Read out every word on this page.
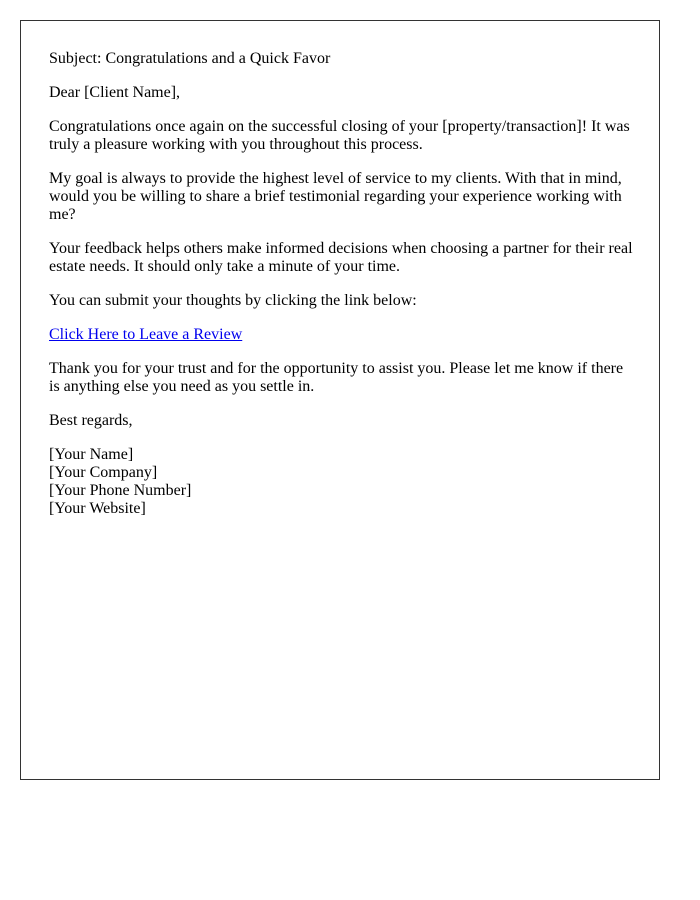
Subject: Congratulations and a Quick Favor

Dear [Client Name],

Congratulations once again on the successful closing of your [property/transaction]! It was truly a pleasure working with you throughout this process.

My goal is always to provide the highest level of service to my clients. With that in mind, would you be willing to share a brief testimonial regarding your experience working with me?

Your feedback helps others make informed decisions when choosing a partner for their real estate needs. It should only take a minute of your time.

You can submit your thoughts by clicking the link below:

Click Here to Leave a Review

Thank you for your trust and for the opportunity to assist you. Please let me know if there is anything else you need as you settle in.

Best regards,

[Your Name]
[Your Company]
[Your Phone Number]
[Your Website]
